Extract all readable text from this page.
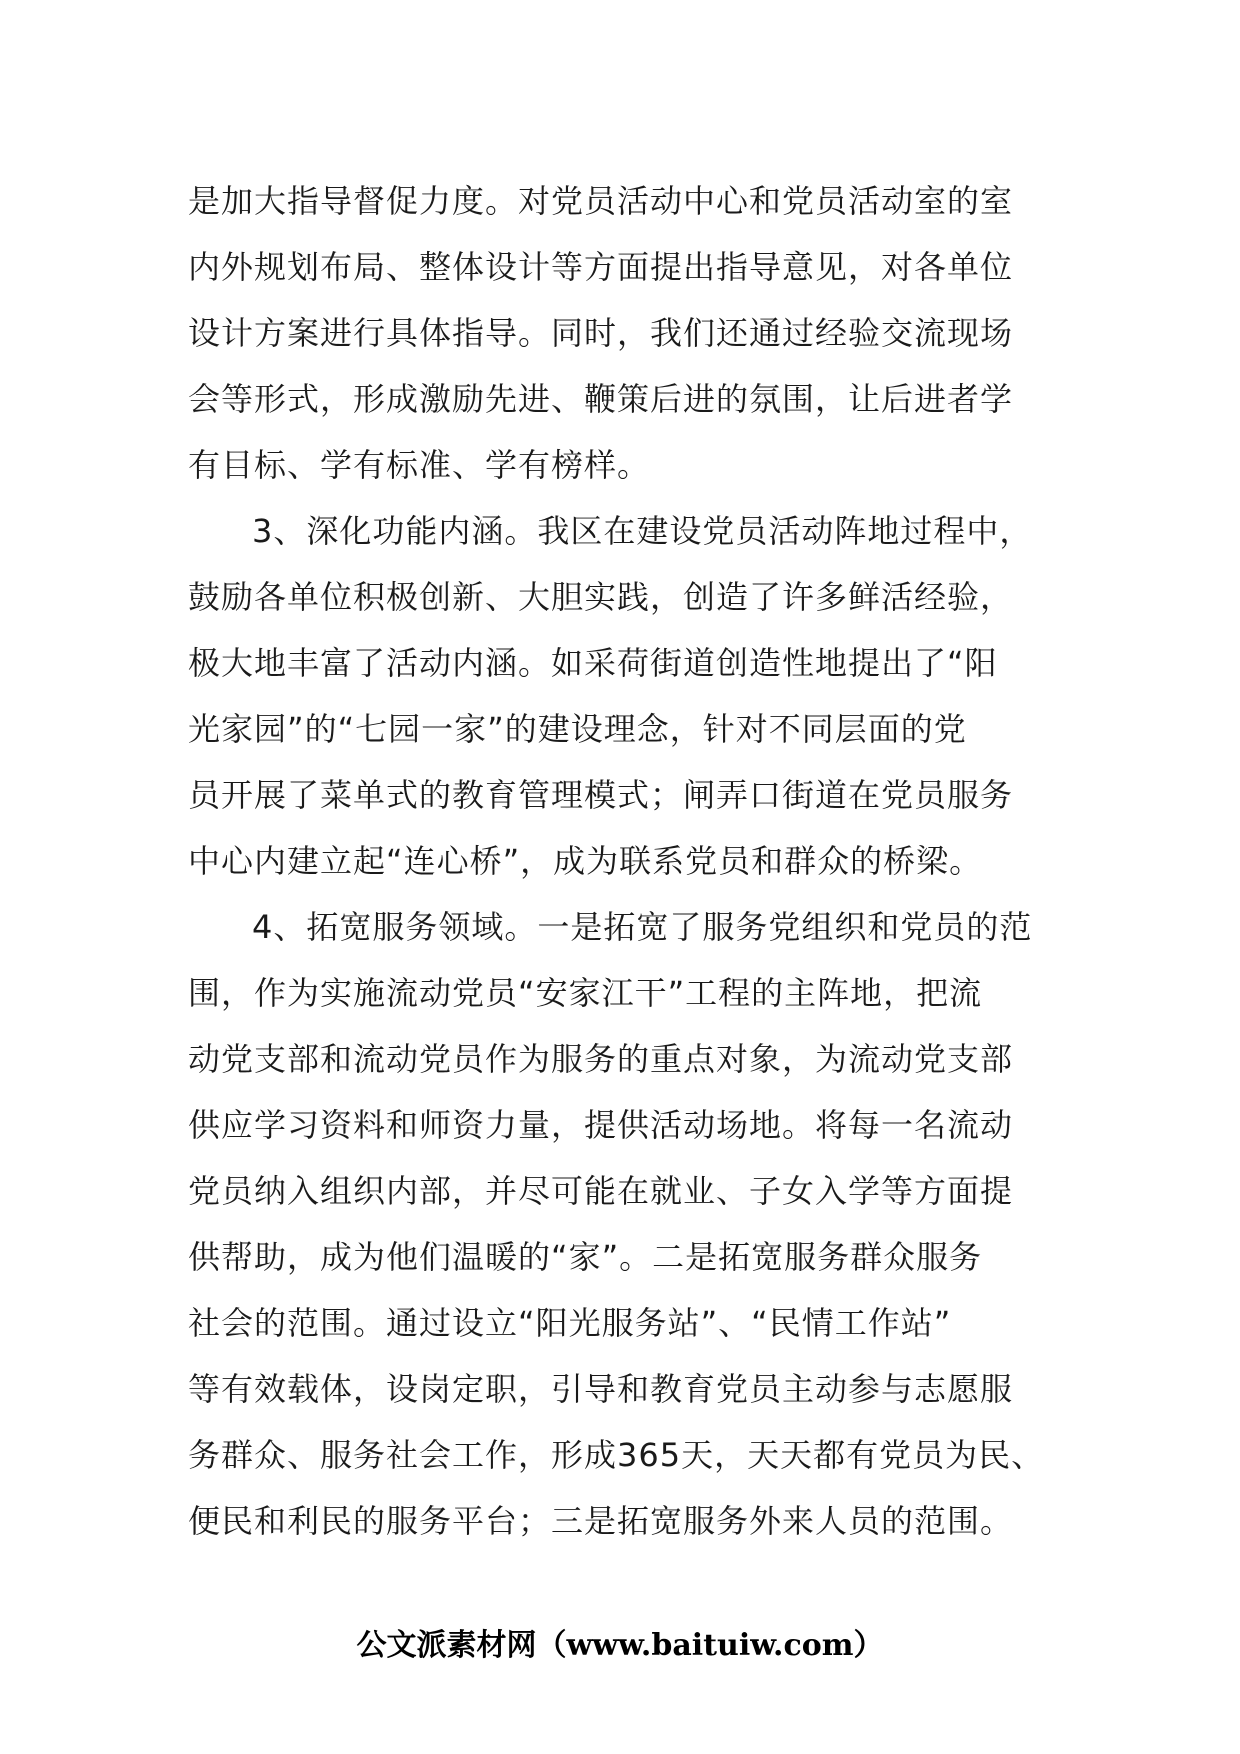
是加大指导督促力度。对党员活动中心和党员活动室的室
内外规划布局、整体设计等方面提出指导意见，对各单位
设计方案进行具体指导。同时，我们还通过经验交流现场
会等形式，形成激励先进、鞭策后进的氛围，让后进者学
有目标、学有标准、学有榜样。
3、深化功能内涵。我区在建设党员活动阵地过程中，
鼓励各单位积极创新、大胆实践，创造了许多鲜活经验，
极大地丰富了活动内涵。如采荷街道创造性地提出了“阳
光家园”的“七园一家”的建设理念，针对不同层面的党
员开展了菜单式的教育管理模式；闸弄口街道在党员服务
中心内建立起“连心桥”，成为联系党员和群众的桥梁。
4、拓宽服务领域。一是拓宽了服务党组织和党员的范
围，作为实施流动党员“安家江干”工程的主阵地，把流
动党支部和流动党员作为服务的重点对象，为流动党支部
供应学习资料和师资力量，提供活动场地。将每一名流动
党员纳入组织内部，并尽可能在就业、子女入学等方面提
供帮助，成为他们温暖的“家”。二是拓宽服务群众服务
社会的范围。通过设立“阳光服务站”、“民情工作站”
等有效载体，设岗定职，引导和教育党员主动参与志愿服
务群众、服务社会工作，形成365天，天天都有党员为民、
便民和利民的服务平台；三是拓宽服务外来人员的范围。
公文派素材网（www.baituiw.com）
